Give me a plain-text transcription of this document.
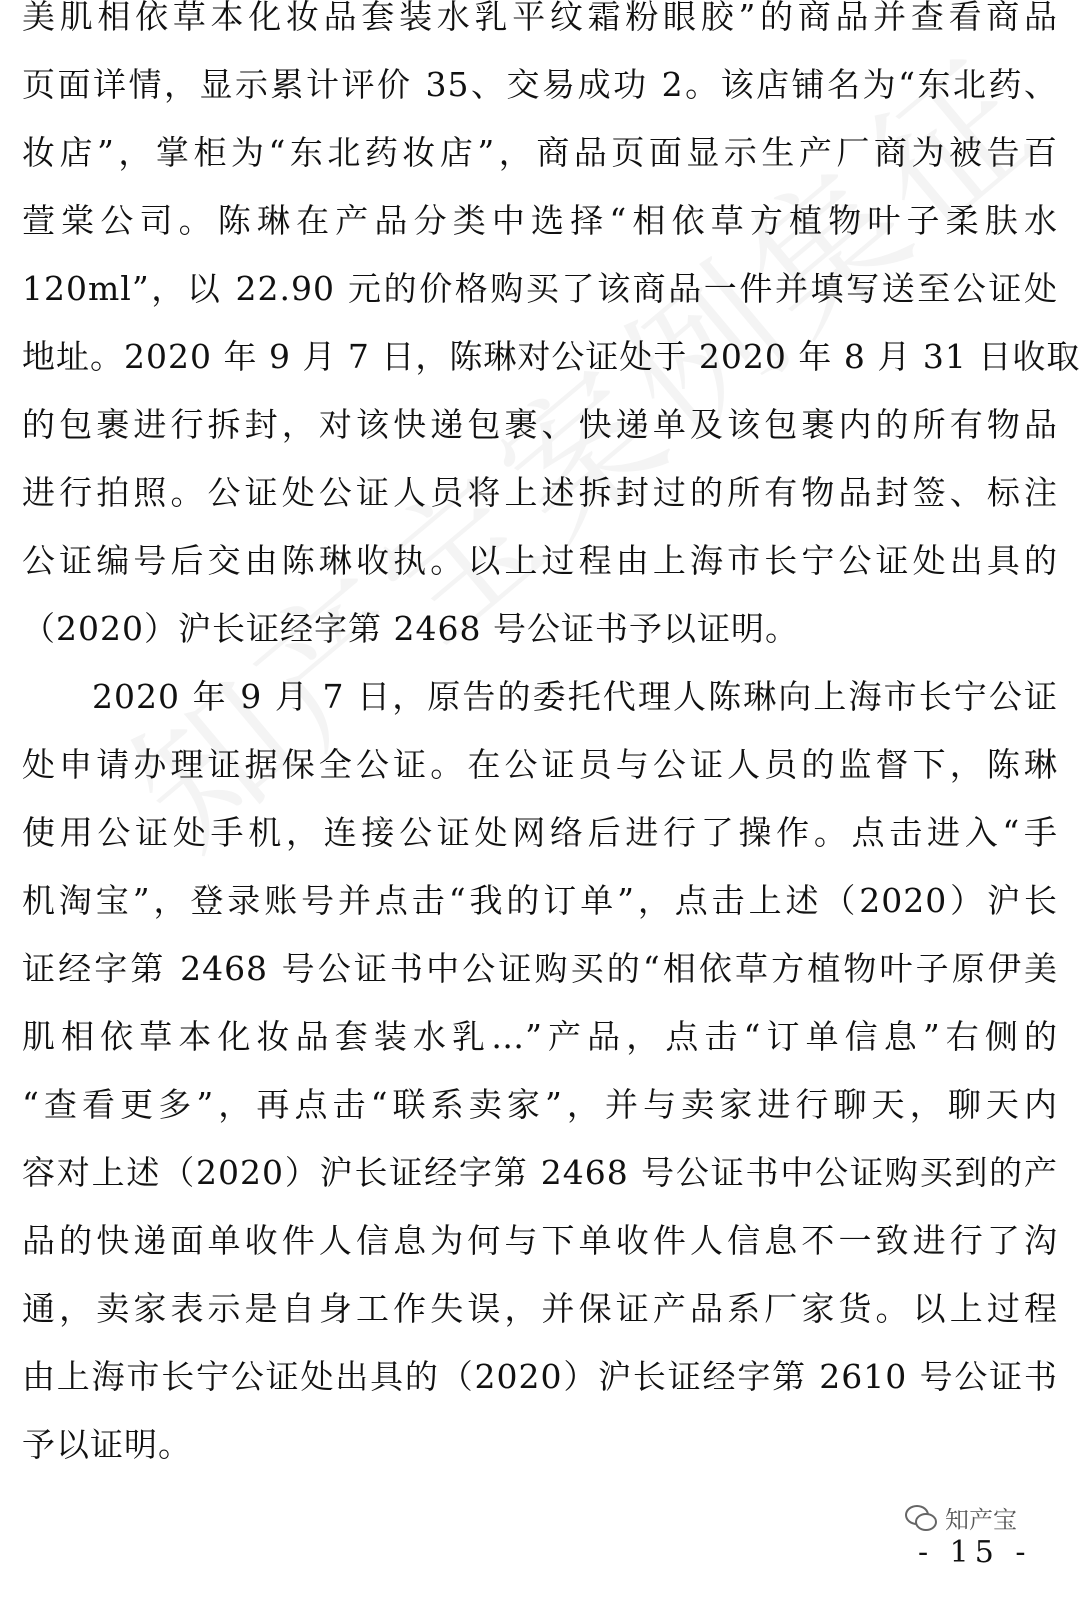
美肌相依草本化妆品套装水乳平纹霜粉眼胶”的商品并查看商品
页面详情，显示累计评价 35、交易成功 2。该店铺名为“东北药、
妆店”，掌柜为“东北药妆店”，商品页面显示生产厂商为被告百
萱棠公司。陈琳在产品分类中选择“相依草方植物叶子柔肤水
120ml”，以 22.90 元的价格购买了该商品一件并填写送至公证处
地址。2020 年 9 月 7 日，陈琳对公证处于 2020 年 8 月 31 日收取
的包裹进行拆封，对该快递包裹、快递单及该包裹内的所有物品
进行拍照。公证处公证人员将上述拆封过的所有物品封签、标注
公证编号后交由陈琳收执。以上过程由上海市长宁公证处出具的
（2020）沪长证经字第 2468 号公证书予以证明。
2020 年 9 月 7 日，原告的委托代理人陈琳向上海市长宁公证
处申请办理证据保全公证。在公证员与公证人员的监督下，陈琳
使用公证处手机，连接公证处网络后进行了操作。点击进入“手
机淘宝”，登录账号并点击“我的订单”，点击上述（2020）沪长
证经字第 2468 号公证书中公证购买的“相依草方植物叶子原伊美
肌相依草本化妆品套装水乳…”产品，点击“订单信息”右侧的
“查看更多”，再点击“联系卖家”，并与卖家进行聊天，聊天内
容对上述（2020）沪长证经字第 2468 号公证书中公证购买到的产
品的快递面单收件人信息为何与下单收件人信息不一致进行了沟
通，卖家表示是自身工作失误，并保证产品系厂家货。以上过程
由上海市长宁公证处出具的（2020）沪长证经字第 2610 号公证书
予以证明。
知产宝
- 15 -
